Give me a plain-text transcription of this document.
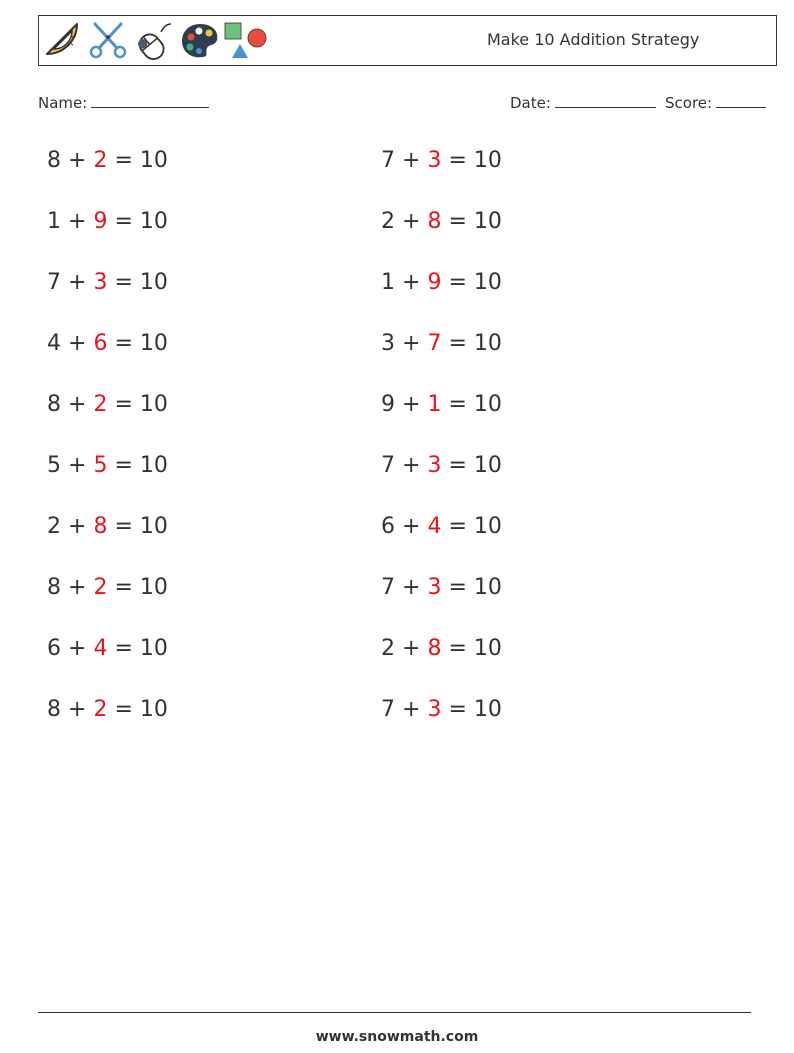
Make 10 Addition Strategy
Name:	Date:	Score:
8 + 2 = 10
1 + 9 = 10
7 + 3 = 10
4 + 6 = 10
8 + 2 = 10
5 + 5 = 10
2 + 8 = 10
8 + 2 = 10
6 + 4 = 10
8 + 2 = 10
7 + 3 = 10
2 + 8 = 10
1 + 9 = 10
3 + 7 = 10
9 + 1 = 10
7 + 3 = 10
6 + 4 = 10
7 + 3 = 10
2 + 8 = 10
7 + 3 = 10
www.snowmath.com
